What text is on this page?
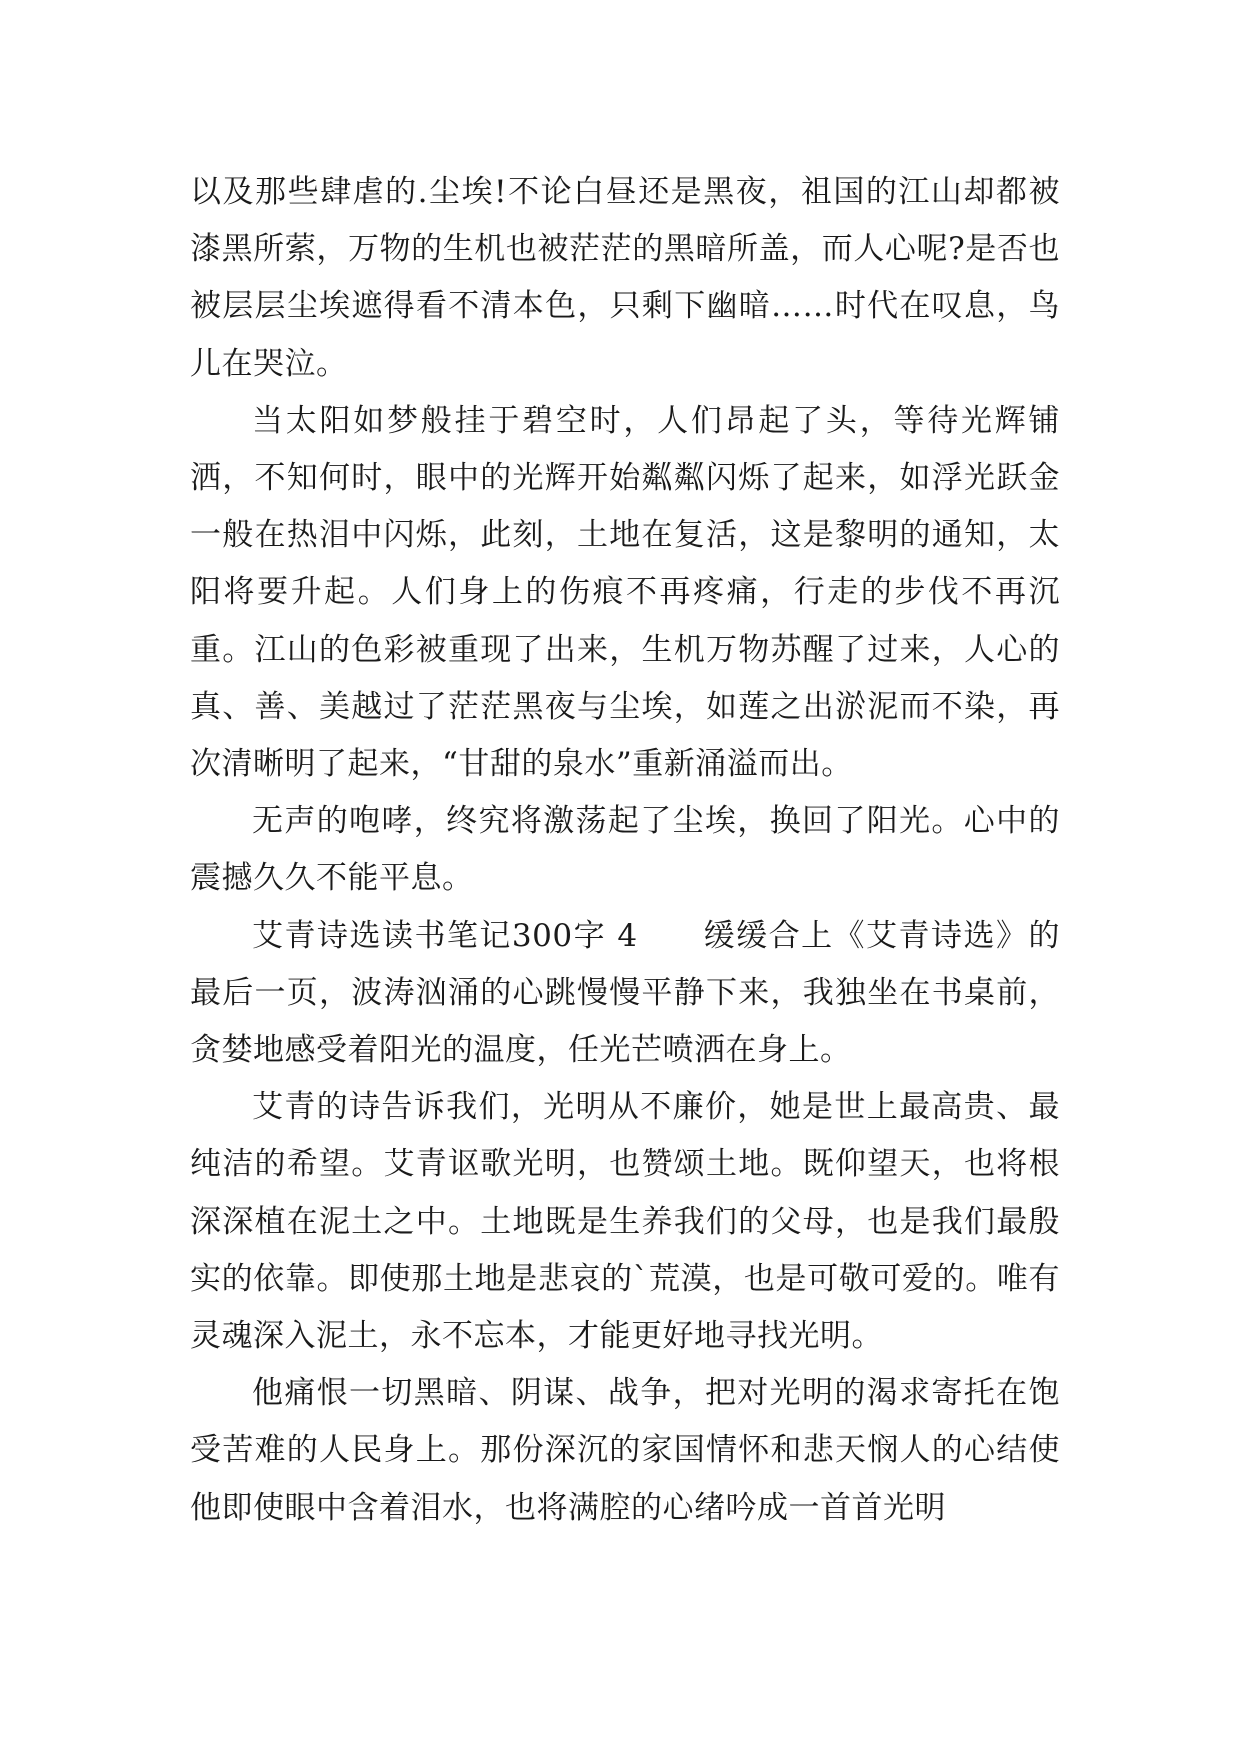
以及那些肆虐的.尘埃!不论白昼还是黑夜，祖国的江山却都被漆黑所萦，万物的生机也被茫茫的黑暗所盖，而人心呢?是否也被层层尘埃遮得看不清本色，只剩下幽暗……时代在叹息，鸟儿在哭泣。

当太阳如梦般挂于碧空时，人们昂起了头，等待光辉铺洒，不知何时，眼中的光辉开始粼粼闪烁了起来，如浮光跃金一般在热泪中闪烁，此刻，土地在复活，这是黎明的通知，太阳将要升起。人们身上的伤痕不再疼痛，行走的步伐不再沉重。江山的色彩被重现了出来，生机万物苏醒了过来，人心的真、善、美越过了茫茫黑夜与尘埃，如莲之出淤泥而不染，再次清晰明了起来，“甘甜的泉水”重新涌溢而出。

无声的咆哮，终究将激荡起了尘埃，换回了阳光。心中的震撼久久不能平息。

艾青诗选读书笔记300字 4　　缓缓合上《艾青诗选》的最后一页，波涛汹涌的心跳慢慢平静下来，我独坐在书桌前，贪婪地感受着阳光的温度，任光芒喷洒在身上。

艾青的诗告诉我们，光明从不廉价，她是世上最高贵、最纯洁的希望。艾青讴歌光明，也赞颂土地。既仰望天，也将根深深植在泥土之中。土地既是生养我们的父母，也是我们最殷实的依靠。即使那土地是悲哀的`荒漠，也是可敬可爱的。唯有灵魂深入泥土，永不忘本，才能更好地寻找光明。

他痛恨一切黑暗、阴谋、战争，把对光明的渴求寄托在饱受苦难的人民身上。那份深沉的家国情怀和悲天悯人的心结使他即使眼中含着泪水，也将满腔的心绪吟成一首首光明
